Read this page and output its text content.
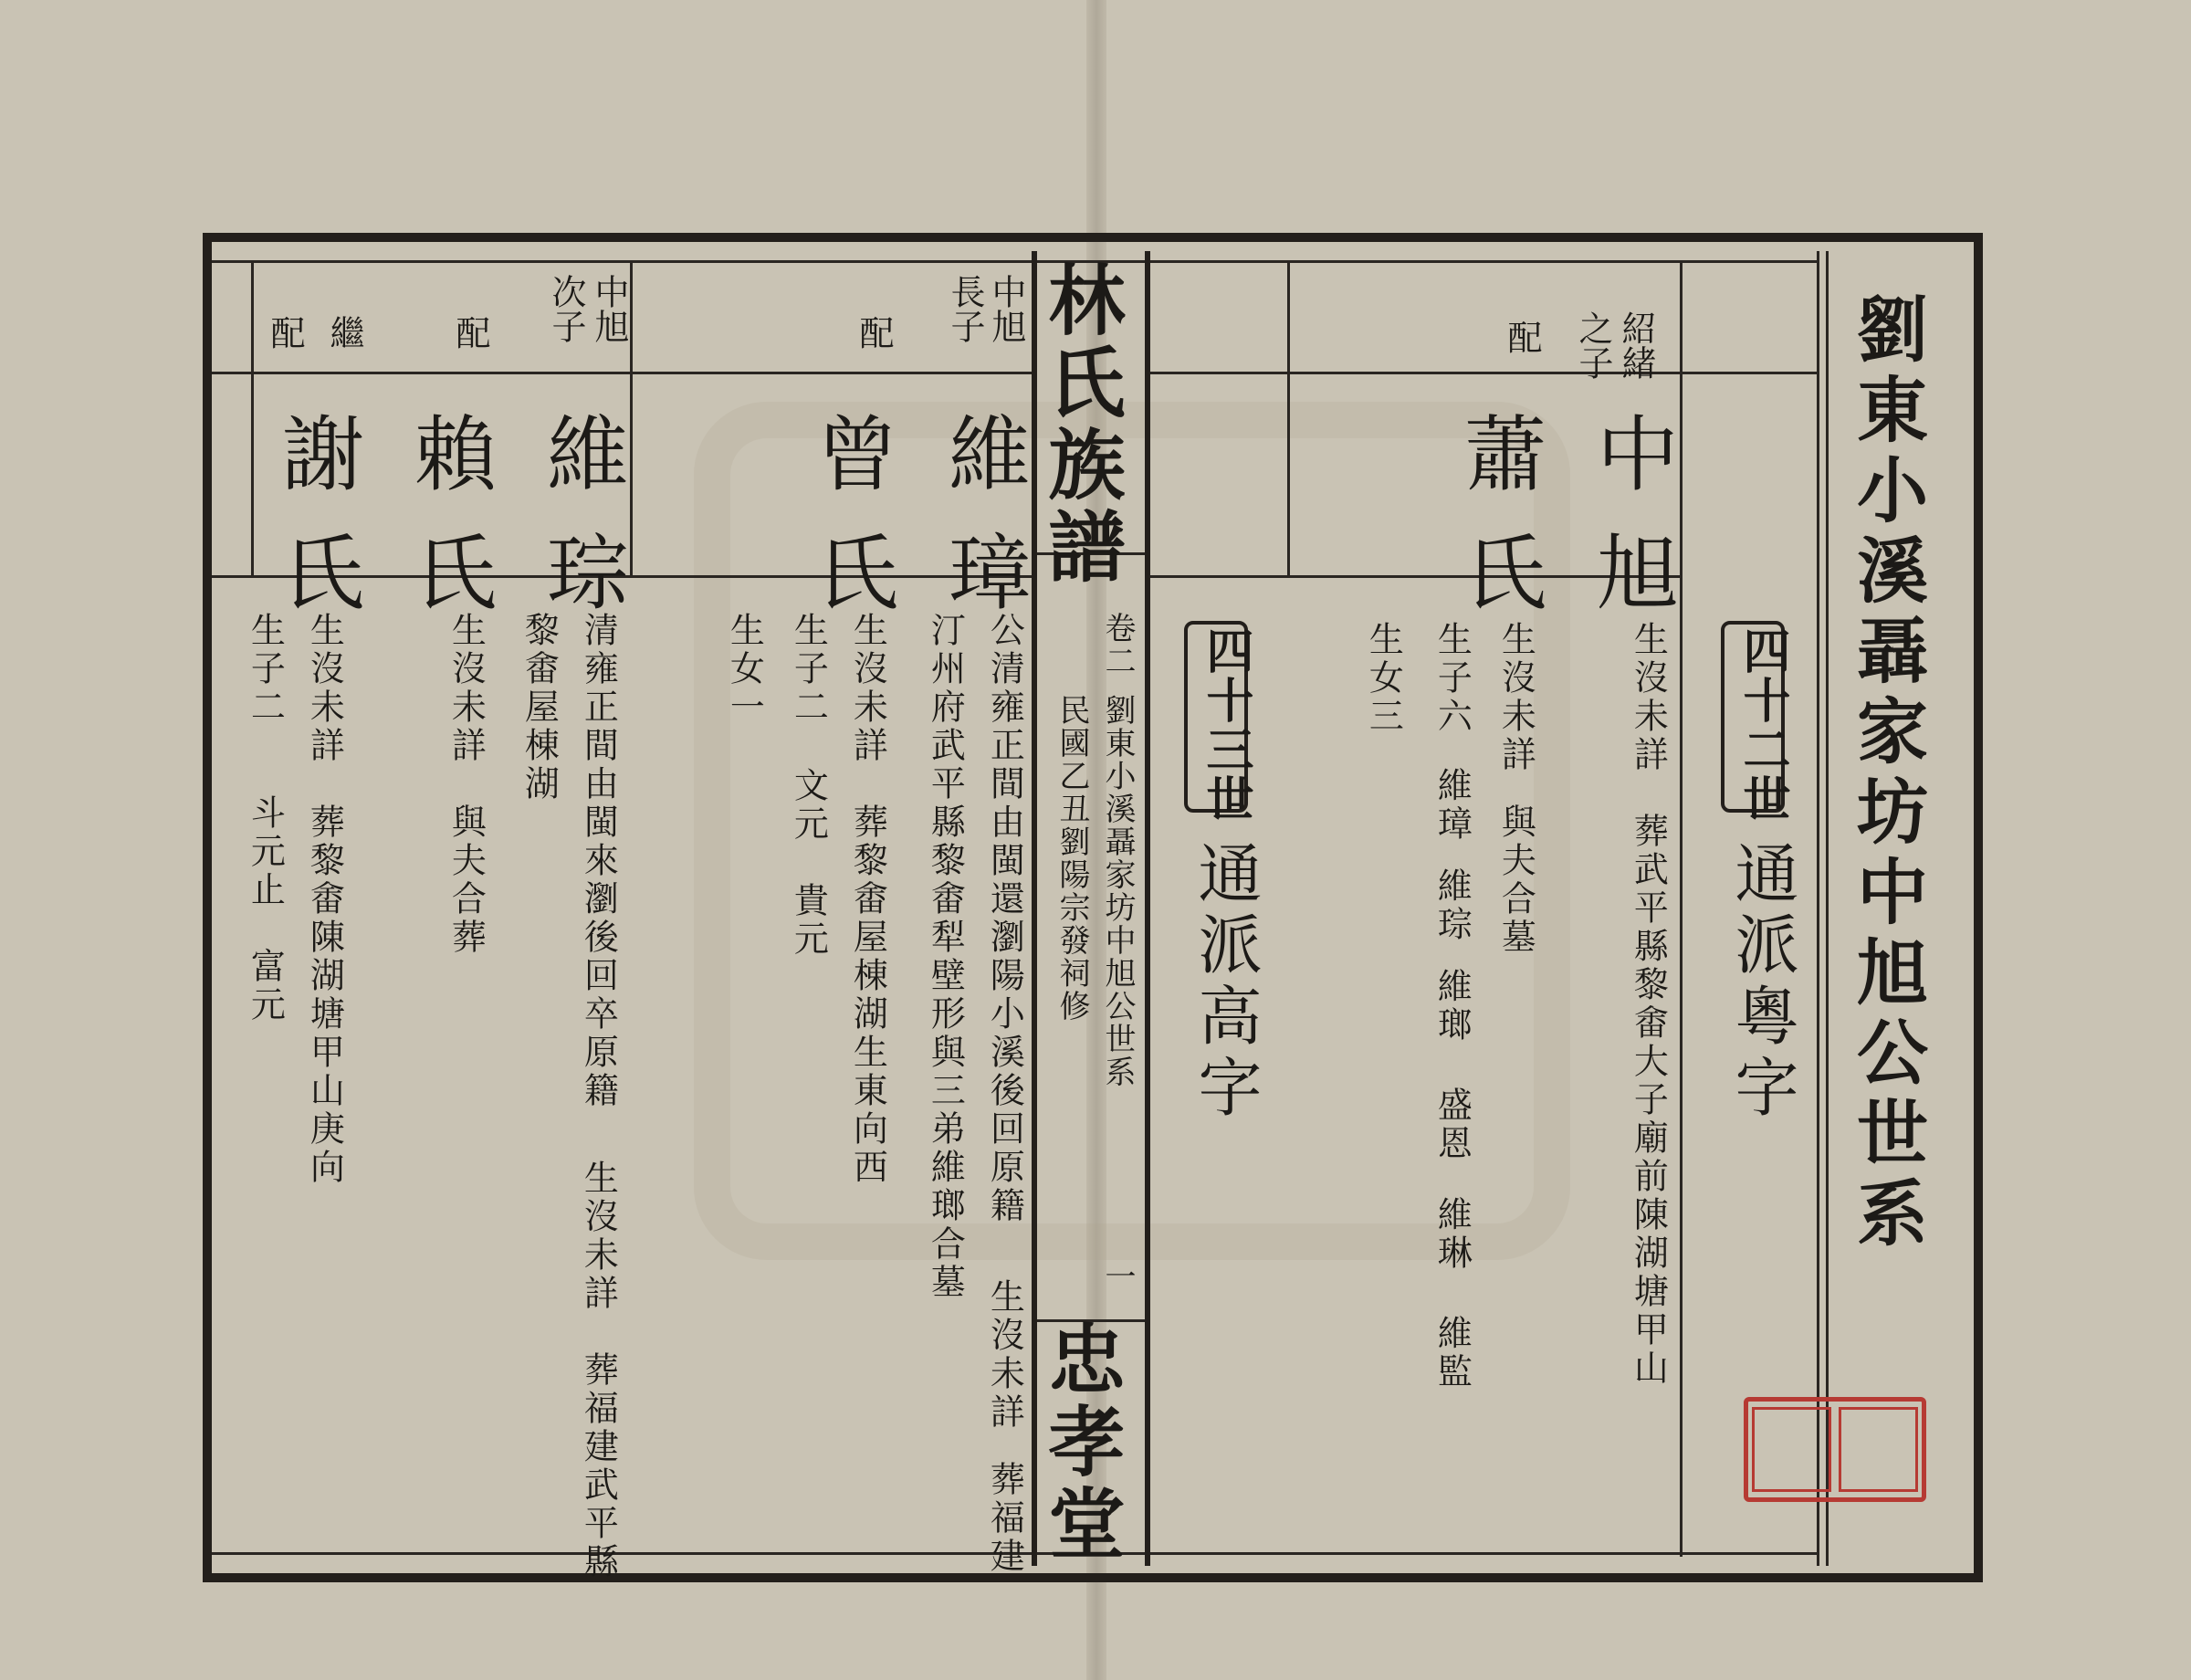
林氏族譜
卷二
劉東小溪聶家坊中旭公世系
民國乙丑劉陽宗發祠修
一
忠孝堂
劉東小溪聶家坊中旭公世系
四十二世
通派粵字
紹緒
之子
配
中旭
蕭氏
生沒未詳
葬武平縣黎畬大子廟前陳湖塘甲山
生沒未詳
與夫合墓
生子六
維璋
維琮
維瑯
盛恩
維琳
維監
生女三
四十三世
通派高字
中旭
長子
配
維璋
曾氏
公清雍正間由閩還瀏陽小溪後回原籍
生沒未詳
葬福建
汀州府武平縣黎畬犁壁形與三弟維瑯合墓
生沒未詳
葬黎畬屋棟湖生東向西
生子二
文元　貴元
生女一
中旭
次子
配
繼
配
維琮
賴氏
謝氏
清雍正間由閩來瀏後回卒原籍
生沒未詳
葬福建武平縣
黎畬屋棟湖
生沒未詳
與夫合葬
生沒未詳
葬黎畬陳湖塘甲山庚向
生子二
斗元止　富元
